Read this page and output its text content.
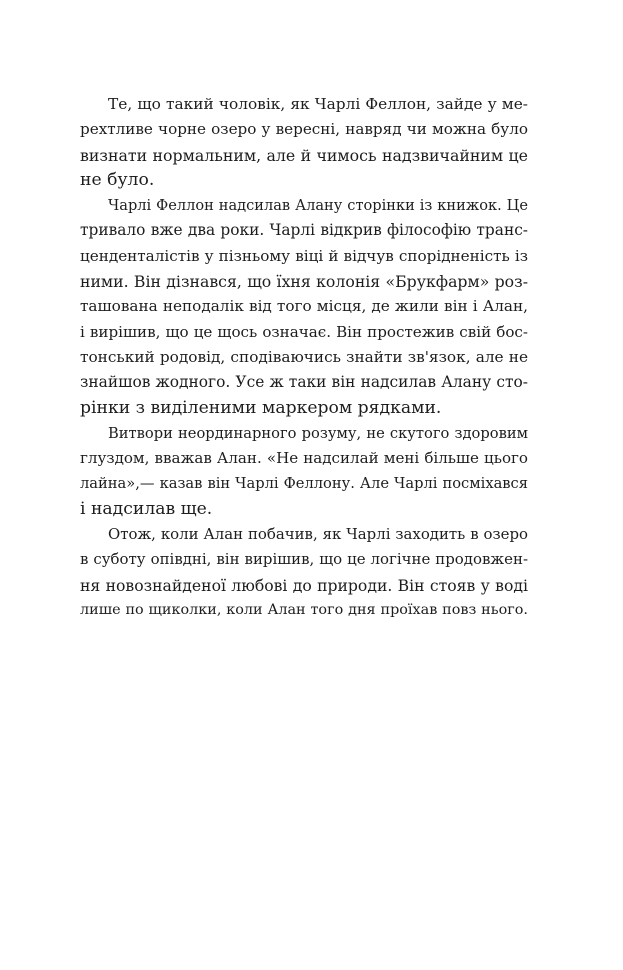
Те, що такий чоловік, як Чарлі Феллон, зайде у ме-
рехтливе чорне озеро у вересні, навряд чи можна було
визнати нормальним, але й чимось надзвичайним це
не було.
Чарлі Феллон надсилав Алану сторінки із книжок. Це
тривало вже два роки. Чарлі відкрив філософію транс-
цендентaлістів у пізньому віці й відчув спорідненість із
ними. Він дізнався, що їхня колонія «Брукфарм» роз-
ташована неподалік від того місця, де жили він і Алан,
і вирішив, що це щось означає. Він простежив свій бос-
тонський родовід, сподіваючись знайти зв'язок, але не
знайшов жодного. Усе ж таки він надсилав Алану сто-
рінки з виділеними маркером рядками.
Витвори неординарного розуму, не скутого здоровим
глуздом, вважав Алан. «Не надсилай мені більше цього
лайна»,— казав він Чарлі Феллону. Але Чарлі посміхався
і надсилав ще.
Отож, коли Алан побачив, як Чарлі заходить в озеро
в суботу опівдні, він вирішив, що це логічне продовжен-
ня новознайденої любові до природи. Він стояв у воді
лише по щиколки, коли Алан того дня проїхав повз нього.
